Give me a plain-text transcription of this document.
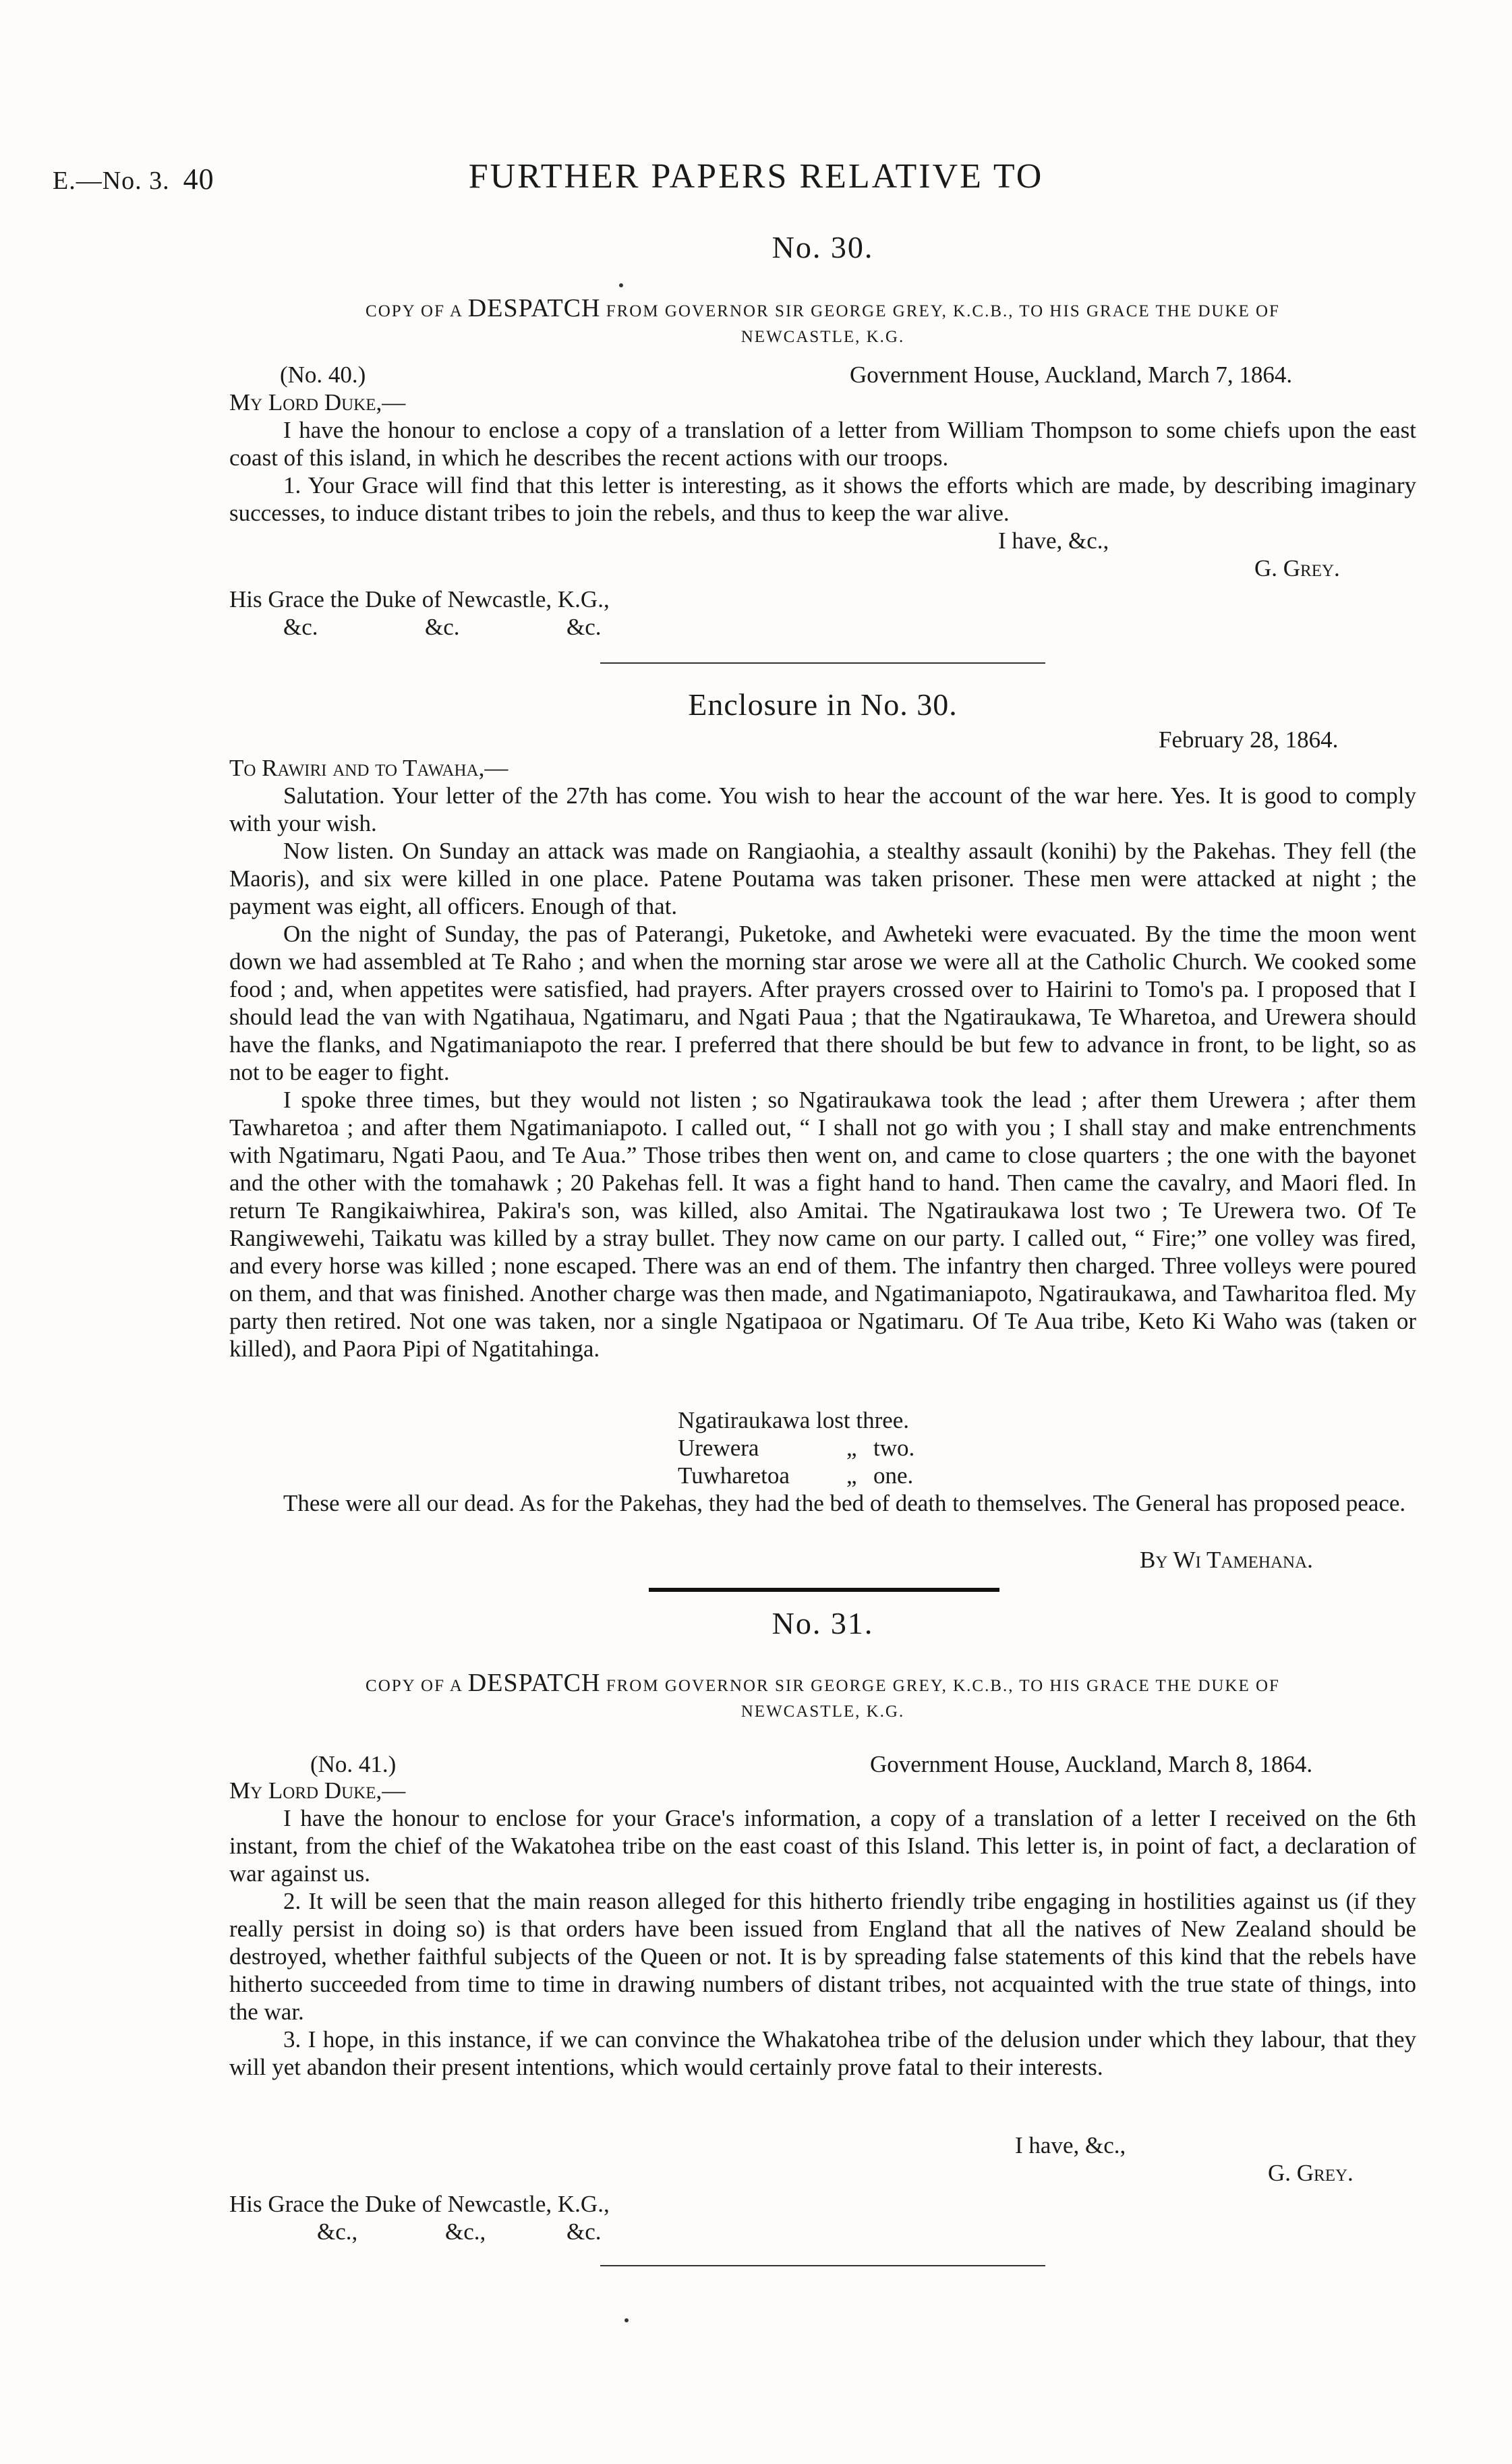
E.—No. 3. 40	FURTHER PAPERS RELATIVE TO
No. 30.
COPY OF A DESPATCH FROM GOVERNOR SIR GEORGE GREY, K.C.B., TO HIS GRACE THE DUKE OF
NEWCASTLE, K.G.
(No. 40.)	Government House, Auckland, March 7, 1864.
My Lord Duke,—
I have the honour to enclose a copy of a translation of a letter from William Thompson to some chiefs upon the east coast of this island, in which he describes the recent actions with our troops.
1. Your Grace will find that this letter is interesting, as it shows the efforts which are made, by describing imaginary successes, to induce distant tribes to join the rebels, and thus to keep the war alive.
I have, &c.,
G. Grey.
His Grace the Duke of Newcastle, K.G.,
&c.	&c.	&c.
Enclosure in No. 30.
February 28, 1864.
To Rawiri and to Tawaha,—
Salutation. Your letter of the 27th has come. You wish to hear the account of the war here. Yes. It is good to comply with your wish.
Now listen. On Sunday an attack was made on Rangiaohia, a stealthy assault (konihi) by the Pakehas. They fell (the Maoris), and six were killed in one place. Patene Poutama was taken prisoner. These men were attacked at night ; the payment was eight, all officers. Enough of that.
On the night of Sunday, the pas of Paterangi, Puketoke, and Awheteki were evacuated. By the time the moon went down we had assembled at Te Raho ; and when the morning star arose we were all at the Catholic Church. We cooked some food ; and, when appetites were satisfied, had prayers. After prayers crossed over to Hairini to Tomo's pa. I proposed that I should lead the van with Ngatihaua, Ngatimaru, and Ngati Paua ; that the Ngatiraukawa, Te Wharetoa, and Urewera should have the flanks, and Ngatimaniapoto the rear. I preferred that there should be but few to advance in front, to be light, so as not to be eager to fight.
I spoke three times, but they would not listen ; so Ngatiraukawa took the lead ; after them Urewera ; after them Tawharetoa ; and after them Ngatimaniapoto. I called out, “ I shall not go with you ; I shall stay and make entrenchments with Ngatimaru, Ngati Paou, and Te Aua.” Those tribes then went on, and came to close quarters ; the one with the bayonet and the other with the tomahawk ; 20 Pakehas fell. It was a fight hand to hand. Then came the cavalry, and Maori fled. In return Te Rangikaiwhirea, Pakira's son, was killed, also Amitai. The Ngatiraukawa lost two ; Te Urewera two. Of Te Rangiwewehi, Taikatu was killed by a stray bullet. They now came on our party. I called out, “ Fire;” one volley was fired, and every horse was killed ; none escaped. There was an end of them. The infantry then charged. Three volleys were poured on them, and that was finished. Another charge was then made, and Ngatimaniapoto, Ngatiraukawa, and Tawharitoa fled. My party then retired. Not one was taken, nor a single Ngatipaoa or Ngatimaru. Of Te Aua tribe, Keto Ki Waho was (taken or killed), and Paora Pipi of Ngatitahinga.
Ngatiraukawa lost three.
Urewera	„ two.
Tuwharetoa „ one.
These were all our dead. As for the Pakehas, they had the bed of death to themselves. The General has proposed peace.
By Wi Tamehana.
No. 31.
COPY OF A DESPATCH FROM GOVERNOR SIR GEORGE GREY, K.C.B., TO HIS GRACE THE DUKE OF
NEWCASTLE, K.G.
(No. 41.)	Government House, Auckland, March 8, 1864.
My Lord Duke,—
I have the honour to enclose for your Grace's information, a copy of a translation of a letter I received on the 6th instant, from the chief of the Wakatohea tribe on the east coast of this Island. This letter is, in point of fact, a declaration of war against us.
2. It will be seen that the main reason alleged for this hitherto friendly tribe engaging in hostilities against us (if they really persist in doing so) is that orders have been issued from England that all the natives of New Zealand should be destroyed, whether faithful subjects of the Queen or not. It is by spreading false statements of this kind that the rebels have hitherto succeeded from time to time in drawing numbers of distant tribes, not acquainted with the true state of things, into the war.
3. I hope, in this instance, if we can convince the Whakatohea tribe of the delusion under which they labour, that they will yet abandon their present intentions, which would certainly prove fatal to their interests.
I have, &c.,
G. Grey.
His Grace the Duke of Newcastle, K.G.,
&c.,	&c.,	&c.
